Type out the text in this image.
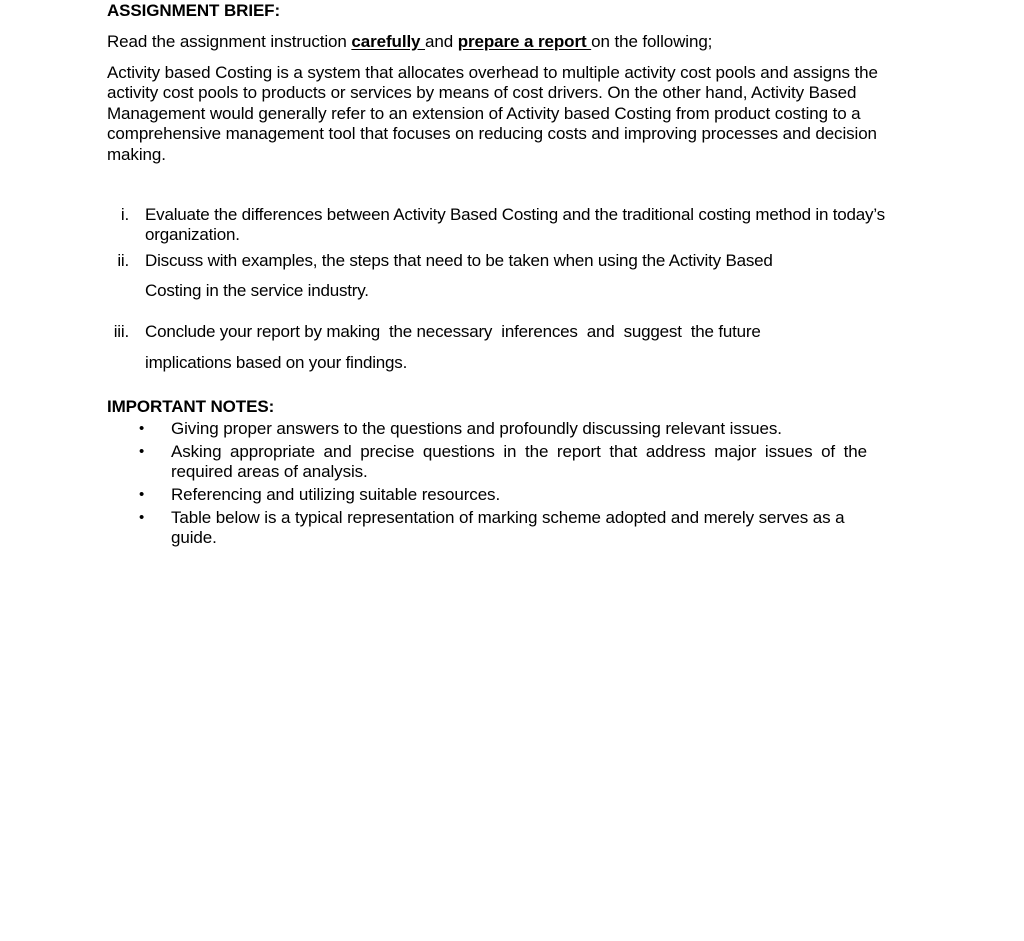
ASSIGNMENT BRIEF:
Read the assignment instruction carefully and prepare a report on the following;
Activity based Costing is a system that allocates overhead to multiple activity cost pools and assigns the activity cost pools to products or services by means of cost drivers. On the other hand, Activity Based Management would generally refer to an extension of Activity based Costing from product costing to a comprehensive management tool that focuses on reducing costs and improving processes and decision making.
i. Evaluate the differences between Activity Based Costing and the traditional costing method in today’s organization.
ii. Discuss with examples, the steps that need to be taken when using the Activity Based Costing in the service industry.
iii. Conclude your report by making  the necessary  inferences  and  suggest  the future implications based on your findings.
IMPORTANT NOTES:
• Giving proper answers to the questions and profoundly discussing relevant issues.
• Asking appropriate and precise questions in the report that address major issues of the required areas of analysis.
• Referencing and utilizing suitable resources.
• Table below is a typical representation of marking scheme adopted and merely serves as a guide.
